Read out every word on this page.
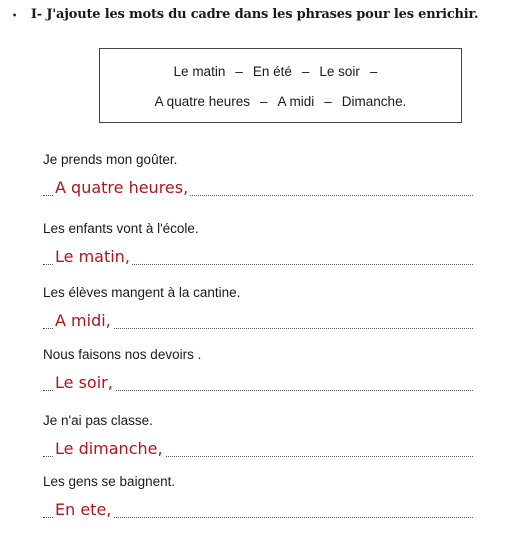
• I- J'ajoute les mots du cadre dans les phrases pour les enrichir.
Le matin – En été – Le soir –
A quatre heures – A midi – Dimanche.
Je prends mon goûter.
A quatre heures,
Les enfants vont à l'école.
Le matin,
Les élèves mangent à la cantine.
A midi,
Nous faisons nos devoirs .
Le soir,
Je n'ai pas classe.
Le dimanche,
Les gens se baignent.
En ete,
